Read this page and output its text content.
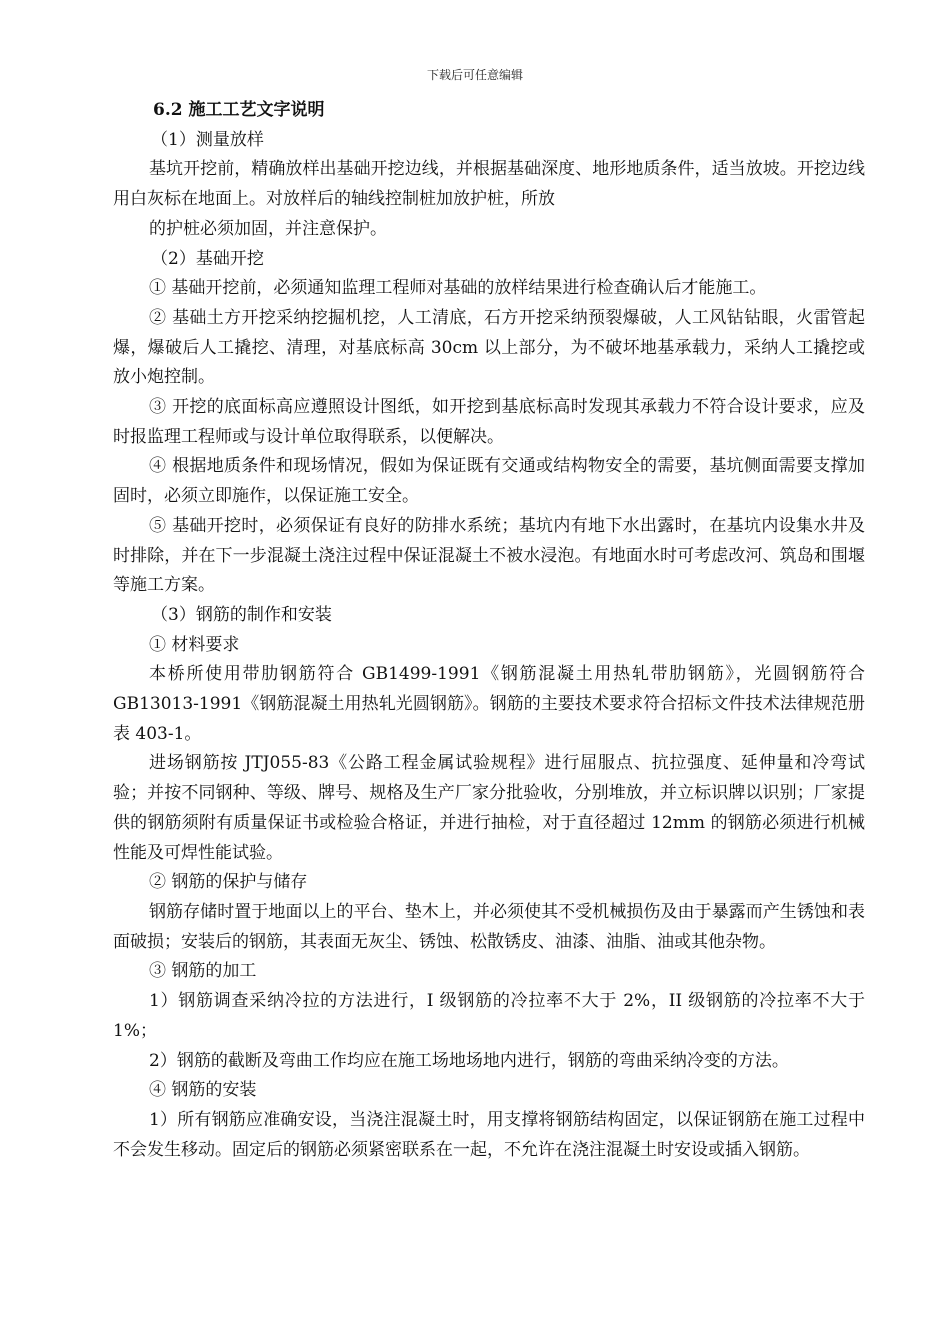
下载后可任意编辑

6.2 施工工艺文字说明

（1）测量放样

基坑开挖前，精确放样出基础开挖边线，并根据基础深度、地形地质条件，适当放坡。开挖边线用白灰标在地面上。对放样后的轴线控制桩加放护桩，所放

的护桩必须加固，并注意保护。

（2）基础开挖

① 基础开挖前，必须通知监理工程师对基础的放样结果进行检查确认后才能施工。

② 基础土方开挖采纳挖掘机挖，人工清底，石方开挖采纳预裂爆破，人工风钻钻眼，火雷管起爆，爆破后人工撬挖、清理，对基底标高 30cm 以上部分，为不破坏地基承载力，采纳人工撬挖或放小炮控制。

③ 开挖的底面标高应遵照设计图纸，如开挖到基底标高时发现其承载力不符合设计要求，应及时报监理工程师或与设计单位取得联系，以便解决。

④ 根据地质条件和现场情况，假如为保证既有交通或结构物安全的需要，基坑侧面需要支撑加固时，必须立即施作，以保证施工安全。

⑤ 基础开挖时，必须保证有良好的防排水系统；基坑内有地下水出露时，在基坑内设集水井及时排除，并在下一步混凝土浇注过程中保证混凝土不被水浸泡。有地面水时可考虑改河、筑岛和围堰等施工方案。

（3）钢筋的制作和安装

① 材料要求

本桥所使用带肋钢筋符合 GB1499-1991《钢筋混凝土用热轧带肋钢筋》，光圆钢筋符合 GB13013-1991《钢筋混凝土用热轧光圆钢筋》。钢筋的主要技术要求符合招标文件技术法律规范册表 403-1。

进场钢筋按 JTJ055-83《公路工程金属试验规程》进行屈服点、抗拉强度、延伸量和冷弯试验；并按不同钢种、等级、牌号、规格及生产厂家分批验收，分别堆放，并立标识牌以识别；厂家提供的钢筋须附有质量保证书或检验合格证，并进行抽检，对于直径超过 12mm 的钢筋必须进行机械性能及可焊性能试验。

② 钢筋的保护与储存

钢筋存储时置于地面以上的平台、垫木上，并必须使其不受机械损伤及由于暴露而产生锈蚀和表面破损；安装后的钢筋，其表面无灰尘、锈蚀、松散锈皮、油漆、油脂、油或其他杂物。

③ 钢筋的加工

1）钢筋调查采纳冷拉的方法进行，I 级钢筋的冷拉率不大于 2%，II 级钢筋的冷拉率不大于 1%；

2）钢筋的截断及弯曲工作均应在施工场地场地内进行，钢筋的弯曲采纳冷变的方法。

④ 钢筋的安装

1）所有钢筋应准确安设，当浇注混凝土时，用支撑将钢筋结构固定，以保证钢筋在施工过程中不会发生移动。固定后的钢筋必须紧密联系在一起，不允许在浇注混凝土时安设或插入钢筋。
